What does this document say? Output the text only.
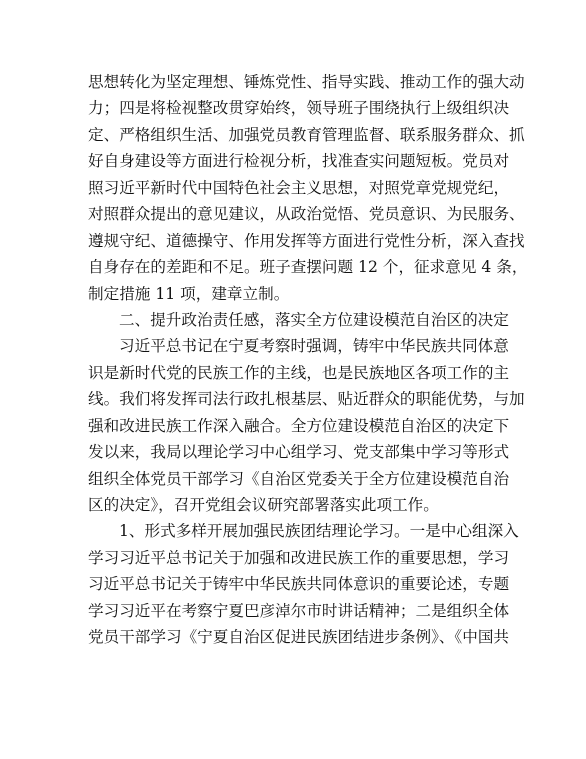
思想转化为坚定理想、锤炼党性、指导实践、推动工作的强大动
力；四是将检视整改贯穿始终，领导班子围绕执行上级组织决
定、严格组织生活、加强党员教育管理监督、联系服务群众、抓
好自身建设等方面进行检视分析，找准查实问题短板。党员对
照习近平新时代中国特色社会主义思想，对照党章党规党纪，
对照群众提出的意见建议，从政治觉悟、党员意识、为民服务、
遵规守纪、道德操守、作用发挥等方面进行党性分析，深入查找
自身存在的差距和不足。班子查摆问题 12 个，征求意见 4 条，
制定措施 11 项，建章立制。
二、提升政治责任感，落实全方位建设模范自治区的决定
习近平总书记在宁夏考察时强调，铸牢中华民族共同体意
识是新时代党的民族工作的主线，也是民族地区各项工作的主
线。我们将发挥司法行政扎根基层、贴近群众的职能优势，与加
强和改进民族工作深入融合。全方位建设模范自治区的决定下
发以来，我局以理论学习中心组学习、党支部集中学习等形式
组织全体党员干部学习《自治区党委关于全方位建设模范自治
区的决定》，召开党组会议研究部署落实此项工作。
1、形式多样开展加强民族团结理论学习。一是中心组深入
学习习近平总书记关于加强和改进民族工作的重要思想，学习
习近平总书记关于铸牢中华民族共同体意识的重要论述，专题
学习习近平在考察宁夏巴彦淖尔市时讲话精神；二是组织全体
党员干部学习《宁夏自治区促进民族团结进步条例》、《中国共
